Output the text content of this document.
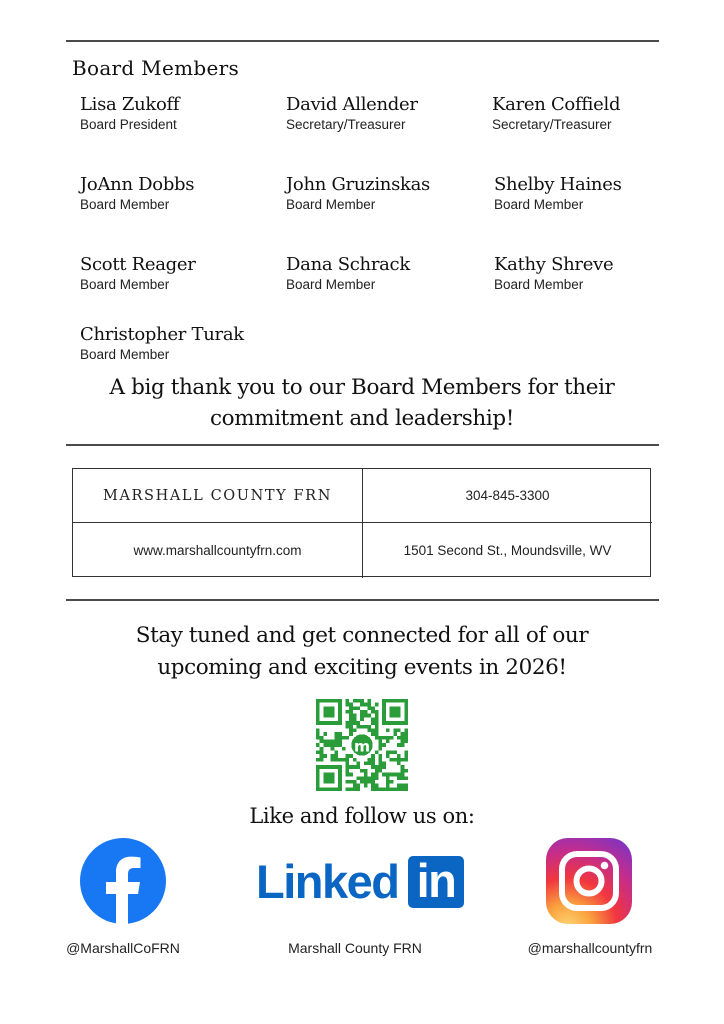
Board Members
Lisa Zukoff
Board President
David Allender
Secretary/Treasurer
Karen Coffield
Secretary/Treasurer
JoAnn Dobbs
Board Member
John Gruzinskas
Board Member
Shelby Haines
Board Member
Scott Reager
Board Member
Dana Schrack
Board Member
Kathy Shreve
Board Member
Christopher Turak
Board Member
A big thank you to our Board Members for their
commitment and leadership!
MARSHALL COUNTY FRN	304-845-3300
www.marshallcountyfrn.com	1501 Second St., Moundsville, WV
Stay tuned and get connected for all of our
upcoming and exciting events in 2026!
m
Like and follow us on:
@MarshallCoFRN
Linked in
Marshall County FRN	@marshallcountyfrn
